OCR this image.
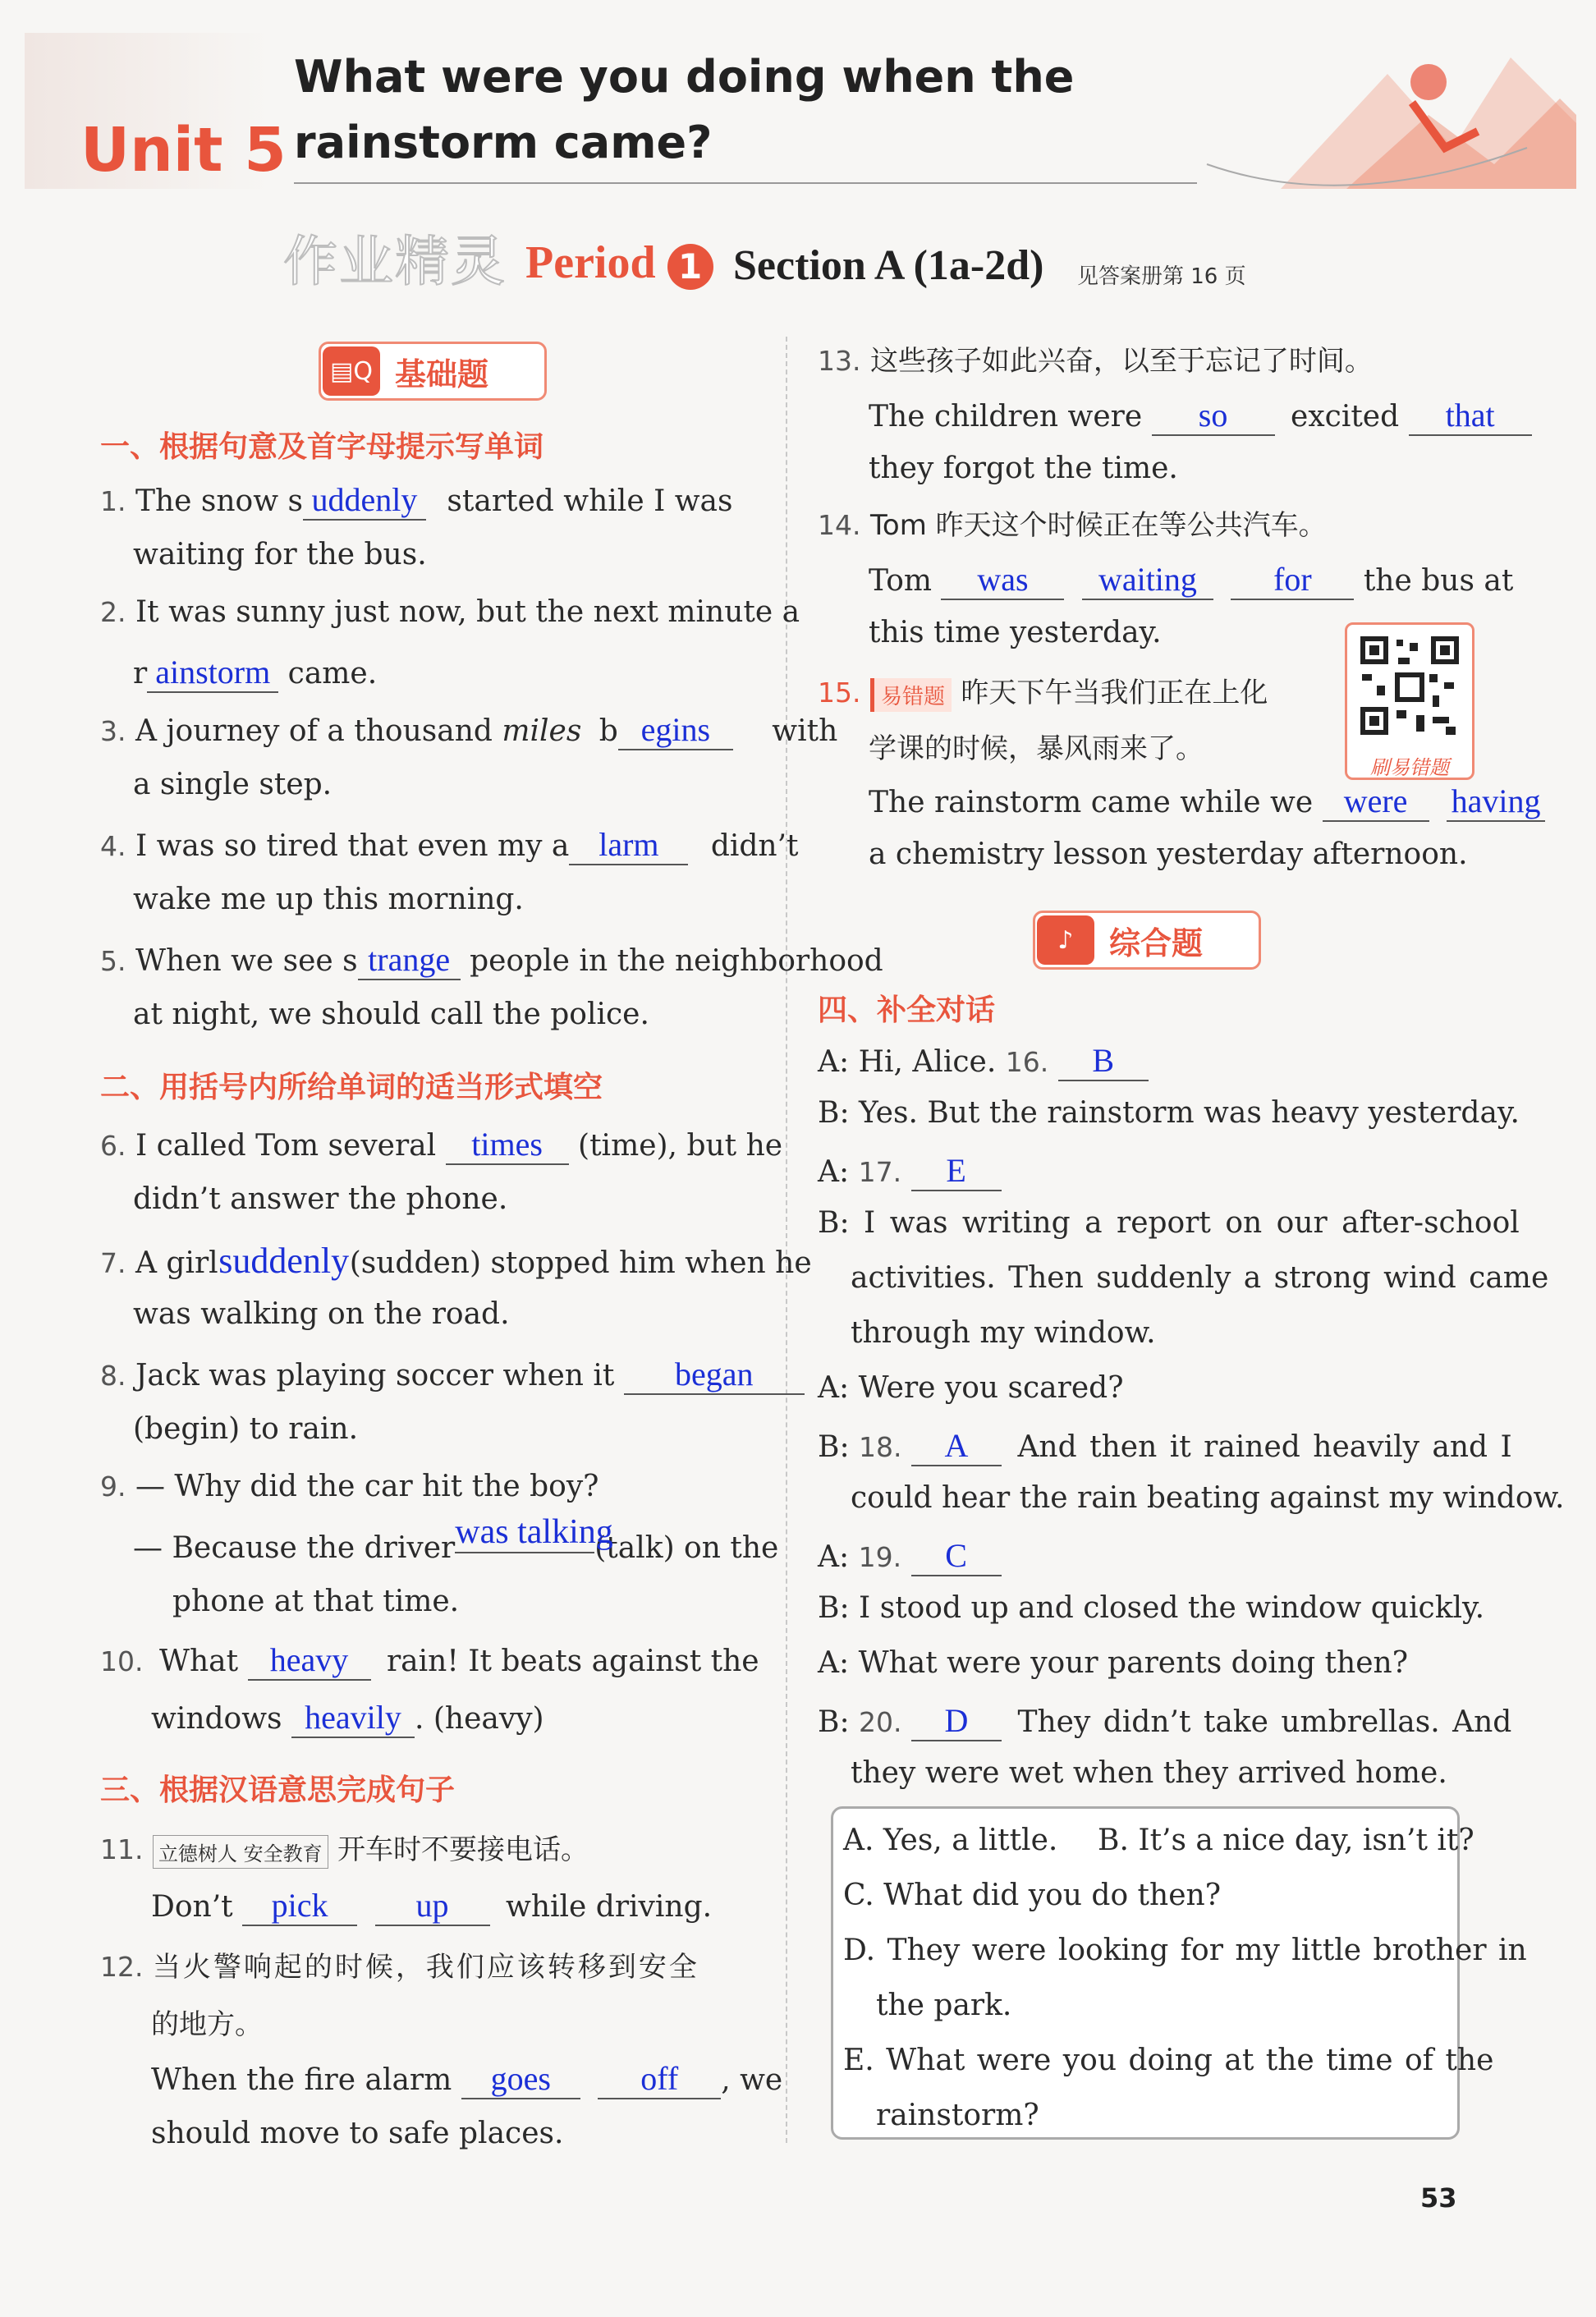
Unit 5
What were you doing when the
rainstorm came?
作业精灵 Period 1 Section A (1a-2d) 见答案册第 16 页
▤Q 基础题
一、根据句意及首字母提示写单词
1. The snow s uddenly started while I was
waiting for the bus.
2. It was sunny just now, but the next minute a
r ainstorm came.
3. A journey of a thousand miles b egins with
a single step.
4. I was so tired that even my a larm didn’t
wake me up this morning.
5. When we see s trange people in the neighborhood
at night, we should call the police.
二、用括号内所给单词的适当形式填空
6. I called Tom several times (time), but he
didn’t answer the phone.
7. A girlsuddenly(sudden) stopped him when he
was walking on the road.
8. Jack was playing soccer when it began
(begin) to rain.
9. — Why did the car hit the boy?
— Because the driverwas talking(talk) on the
phone at that time.
10. What heavy rain! It beats against the
windows heavily . (heavy)
三、根据汉语意思完成句子
11. 立德树人 安全教育 开车时不要接电话。
Don’t pick	up while driving.
12. 当火警响起的时候，我们应该转移到安全
的地方。
When the fire alarm goes	off , we
should move to safe places.
13. 这些孩子如此兴奋，以至于忘记了时间。
The children were so excited that
they forgot the time.
14. Tom 昨天这个时候正在等公共汽车。
Tom was waiting for the bus at
this time yesterday.
刷易错题
15. 易错题 昨天下午当我们正在上化
学课的时候，暴风雨来了。
The rainstorm came while we were having
a chemistry lesson yesterday afternoon.
♪	综合题
四、补全对话
A: Hi, Alice. 16. B
B: Yes. But the rainstorm was heavy yesterday.
A: 17. E
B: I was writing a report on our after-school
activities. Then suddenly a strong wind came
through my window.
A: Were you scared?
B: 18. A And then it rained heavily and I
could hear the rain beating against my window.
A: 19. C
B: I stood up and closed the window quickly.
A: What were your parents doing then?
B: 20. D They didn’t take umbrellas. And
they were wet when they arrived home.
A. Yes, a little. B. It’s a nice day, isn’t it?
C. What did you do then?
D. They were looking for my little brother in
the park.
E. What were you doing at the time of the
rainstorm?
53
